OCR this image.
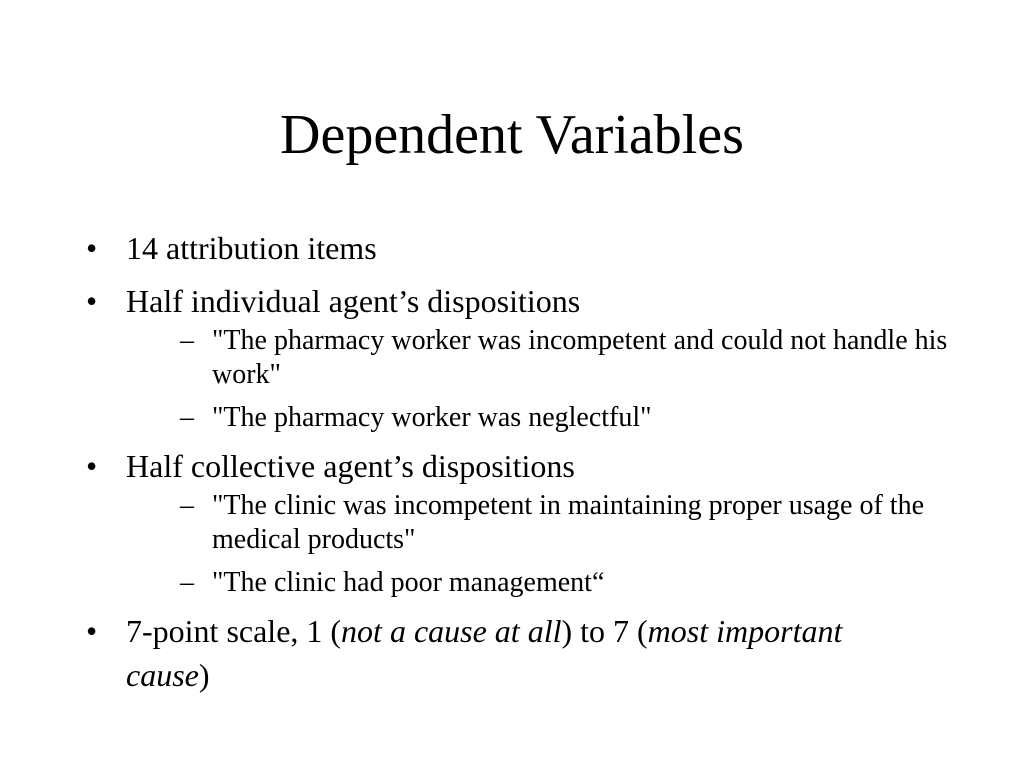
Dependent Variables
• 14 attribution items
• Half individual agent’s dispositions
– "The pharmacy worker was incompetent and could not handle his work"
– "The pharmacy worker was neglectful"
• Half collective agent’s dispositions
– "The clinic was incompetent in maintaining proper usage of the medical products"
– "The clinic had poor management“
• 7-point scale, 1 (not a cause at all) to 7 (most important cause)
